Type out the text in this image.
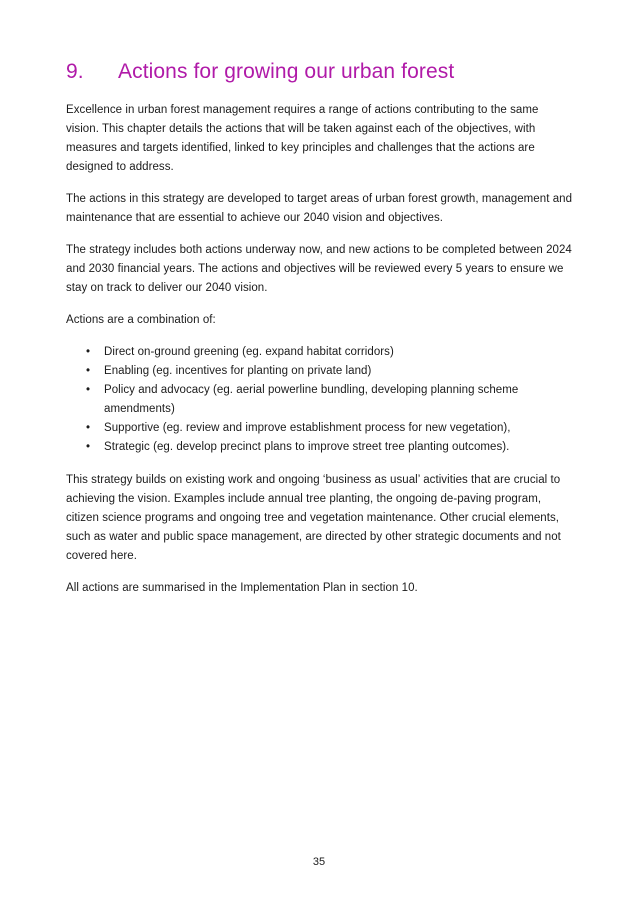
9.	Actions for growing our urban forest

Excellence in urban forest management requires a range of actions contributing to the same vision. This chapter details the actions that will be taken against each of the objectives, with measures and targets identified, linked to key principles and challenges that the actions are designed to address.

The actions in this strategy are developed to target areas of urban forest growth, management and maintenance that are essential to achieve our 2040 vision and objectives.

The strategy includes both actions underway now, and new actions to be completed between 2024 and 2030 financial years. The actions and objectives will be reviewed every 5 years to ensure we stay on track to deliver our 2040 vision.

Actions are a combination of:

•	Direct on-ground greening (eg. expand habitat corridors)
•	Enabling (eg. incentives for planting on private land)
•	Policy and advocacy (eg. aerial powerline bundling, developing planning scheme amendments)
•	Supportive (eg. review and improve establishment process for new vegetation),
•	Strategic (eg. develop precinct plans to improve street tree planting outcomes).

This strategy builds on existing work and ongoing ‘business as usual’ activities that are crucial to achieving the vision. Examples include annual tree planting, the ongoing de-paving program, citizen science programs and ongoing tree and vegetation maintenance. Other crucial elements, such as water and public space management, are directed by other strategic documents and not covered here.

All actions are summarised in the Implementation Plan in section 10.

35
